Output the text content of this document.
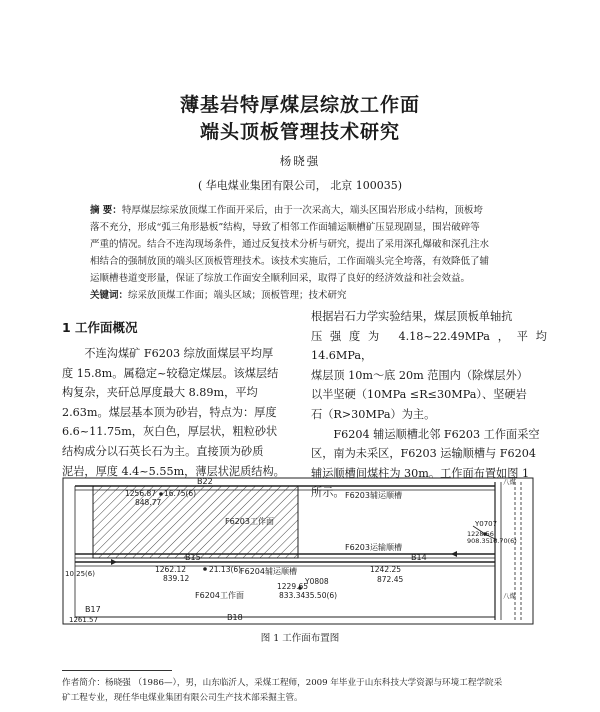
薄基岩特厚煤层综放工作面
端头顶板管理技术研究
杨晓强
( 华电煤业集团有限公司， 北京 100035)
摘 要：特厚煤层综采放顶煤工作面开采后，由于一次采高大，端头区围岩形成小结构，顶板垮
落不充分，形成“弧三角形悬板”结构，导致了相邻工作面辅运顺槽矿压显现剧显，围岩破碎等
严重的情况。结合不连沟现场条件，通过反复技术分析与研究，提出了采用深孔爆破和深孔注水
相结合的强制放顶的端头区顶板管理技术。该技术实施后，工作面端头完全垮落，有效降低了辅
运顺槽巷道变形量，保证了综放工作面安全顺利回采，取得了良好的经济效益和社会效益。
关键词：综采放顶煤工作面；端头区域；顶板管理；技术研究
1 工作面概况
不连沟煤矿 F6203 综放面煤层平均厚
度 15.8m。属稳定~较稳定煤层。该煤层结
构复杂，夹矸总厚度最大 8.89m，平均
2.63m。煤层基本顶为砂岩，特点为：厚度
6.6~11.75m，灰白色，厚层状，粗粒砂状
结构成分以石英长石为主。直接顶为砂质
泥岩，厚度 4.4~5.55m，薄层状泥质结构。
根据岩石力学实验结果，煤层顶板单轴抗
压强度为 4.18~22.49MPa，平均 14.6MPa，
煤层顶 10m～底 20m 范围内（除煤层外）
以半坚硬（10MPa ≤R≤30MPa）、坚硬岩
石（R>30MPa）为主。
F6204 辅运顺槽北邻 F6203 工作面采空
区，南为未采区，F6203 运输顺槽与 F6204
辅运顺槽间煤柱为 30m。工作面布置如图 1
所示。
B22
1256.87 16.75(6)
848.77
F6203辅运顺槽
F6203工作面
F6203运输顺槽
Y0707
1228.56
908.35 16.70(6)
B15	B14
1262.12	21.13(6)
839.12
F6204辅运顺槽	1242.25
872.45
10.25(6)
Y0808
1229.65
833.34 35.50(6)
F6204工作面
B17
1261.57	B18
八煤
八煤
图 1 工作面布置图
作者简介：杨晓强 （1986—），男，山东临沂人，采煤工程师，2009 年毕业于山东科技大学资源与环境工程学院采
矿工程专业，现任华电煤业集团有限公司生产技术部采掘主管。
